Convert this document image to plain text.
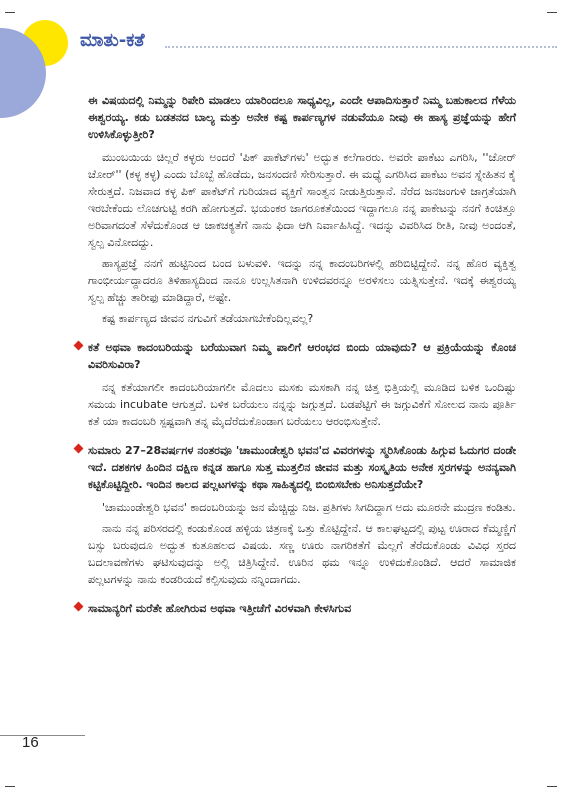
ಮಾತು-ಕತೆ
ಈ ವಿಷಯದಲ್ಲಿ ನಿಮ್ಮನ್ನು ರಿಪೇರಿ ಮಾಡಲು ಯಾರಿಂದಲೂ ಸಾಧ್ಯವಿಲ್ಲ, ಎಂದೇ ಆಪಾದಿಸುತ್ತಾರೆ ನಿಮ್ಮ ಬಹುಕಾಲದ ಗೆಳೆಯ ಈಶ್ವರಯ್ಯ. ಕಡು ಬಡತನದ ಬಾಲ್ಯ ಮತ್ತು ಅನೇಕ ಕಷ್ಟ ಕಾರ್ಪಣ್ಯಗಳ ನಡುವೆಯೂ ನೀವು ಈ ಹಾಸ್ಯ ಪ್ರಜ್ಞೆಯನ್ನು ಹೇಗೆ ಉಳಿಸಿಕೊಳ್ಳುತ್ತೀರಿ?

ಮುಂಬಯಿಯ ಚಿಲ್ಲರೆ ಕಳ್ಳರು ಅಂದರೆ 'ಪಿಕ್ ಪಾಕೆಟ್‌ಗಳು' ಅದ್ಭುತ ಕಲೆಗಾರರು. ಅವರೇ ಪಾಕೆಟು ಎಗರಿಸಿ, ''ಚೋರ್ ಚೋರ್'' (ಕಳ್ಳ ಕಳ್ಳ) ಎಂದು ಬೊಬ್ಬೆ ಹೊಡೆದು, ಜನಸಂದಣಿ ಸೇರಿಸುತ್ತಾರೆ. ಈ ಮಧ್ಯೆ ಎಗರಿಸಿದ ಪಾಕೆಟು ಅವನ ಸ್ನೇಹಿತನ ಕೈ ಸೇರುತ್ತದೆ. ನಿಜವಾದ ಕಳ್ಳ ಪಿಕ್ ಪಾಕೆಟ್‌ಗೆ ಗುರಿಯಾದ ವ್ಯಕ್ತಿಗೆ ಸಾಂತ್ವನ ನೀಡುತ್ತಿರುತ್ತಾನೆ. ನೆರೆದ ಜನಜಂಗುಳಿ ಜಾಗ್ರತೆಯಾಗಿ ಇರಬೇಕೆಂದು ಲೊಚಗುಟ್ಟಿ ಕರಗಿ ಹೋಗುತ್ತದೆ. ಭಯಂಕರ ಜಾಗರೂಕತೆಯಿಂದ ಇದ್ದಾಗಲೂ ನನ್ನ ಪಾಕೇಟನ್ನು ನನಗೆ ಕಿಂಚಿತ್ತೂ ಅರಿವಾಗದಂತೆ ಸೆಳೆದುಕೊಂಡ ಆ ಚಾಕಚಕ್ಯತೆಗೆ ನಾನು ಫಿದಾ ಆಗಿ ನಿರ್ವಾಹಿಸಿದ್ದೆ. ಇದನ್ನು ವಿವರಿಸಿದ ರೀತಿ, ನೀವು ಅಂದಂತೆ, ಸ್ವಲ್ಪ ವಿನೋದದ್ದು.

ಹಾಸ್ಯಪ್ರಜ್ಞೆ ನನಗೆ ಹುಟ್ಟಿನಿಂದ ಬಂದ ಬಳುವಳಿ. ಇದನ್ನು ನನ್ನ ಕಾದಂಬರಿಗಳಲ್ಲಿ ಹರಿಬಿಟ್ಟಿದ್ದೇನೆ. ನನ್ನ ಹೊರ ವ್ಯಕ್ತಿತ್ವ ಗಾಂಭೀರ್ಯದ್ದಾದರೂ ತಿಳಿಹಾಸ್ಯದಿಂದ ನಾನೂ ಉಲ್ಲಸಿತನಾಗಿ ಉಳಿದವರನ್ನೂ ಅರಳಿಸಲು ಯತ್ನಿಸುತ್ತೇನೆ. ಇದಕ್ಕೆ ಈಶ್ವರಯ್ಯ ಸ್ವಲ್ಪ ಹೆಚ್ಚು ತಾರೀಫು ಮಾಡಿದ್ದಾರೆ, ಅಷ್ಟೇ.

ಕಷ್ಟ ಕಾರ್ಪಣ್ಯದ ಜೀವನ ನಗುವಿಗೆ ತಡೆಯಾಗಬೇಕೆಂದಿಲ್ಲವಲ್ಲ?

ಕತೆ ಅಥವಾ ಕಾದಂಬರಿಯನ್ನು ಬರೆಯುವಾಗ ನಿಮ್ಮ ಪಾಲಿಗೆ ಆರಂಭದ ಬಿಂದು ಯಾವುದು? ಆ ಪ್ರಕ್ರಿಯೆಯನ್ನು ಕೊಂಚ ವಿವರಿಸುವಿರಾ?

ನನ್ನ ಕತೆಯಾಗಲೀ ಕಾದಂಬರಿಯಾಗಲೀ ಮೊದಲು ಮಸಕು ಮಸಕಾಗಿ ನನ್ನ ಚಿತ್ತ ಭಿತ್ತಿಯಲ್ಲಿ ಮೂಡಿದ ಬಳಿಕ ಒಂದಿಷ್ಟು ಸಮಯ incubate ಆಗುತ್ತದೆ. ಬಳಿಕ ಬರೆಯಲು ನನ್ನನ್ನು ಜಗ್ಗುತ್ತದೆ. ಬಡಪೆಟ್ಟಿಗೆ ಈ ಜಗ್ಗುವಿಕೆಗೆ ಸೋಲದ ನಾನು ಪೂರ್ತಿ ಕತೆ ಯಾ ಕಾದಂಬರಿ ಸ್ಪಷ್ಟವಾಗಿ ತನ್ನ ಮೈದೆರೆದುಕೊಂಡಾಗ ಬರೆಯಲು ಆರಂಭಿಸುತ್ತೇನೆ.

ಸುಮಾರು 27–28ವರ್ಷಗಳ ನಂತರವೂ 'ಚಾಮುಂಡೇಶ್ವರಿ ಭವನ'ದ ವಿವರಗಳನ್ನು ಸ್ಮರಿಸಿಕೊಂಡು ಹಿಗ್ಗುವ ಓದುಗರ ದಂಡೇ ಇದೆ. ದಶಕಗಳ ಹಿಂದಿನ ದಕ್ಷಿಣ ಕನ್ನಡ ಹಾಗೂ ಸುತ್ತ ಮುತ್ತಲಿನ ಜೀವನ ಮತ್ತು ಸಂಸ್ಕೃತಿಯ ಅನೇಕ ಸ್ತರಗಳನ್ನು ಅನನ್ಯವಾಗಿ ಕಟ್ಟಿಕೊಟ್ಟಿದ್ದೀರಿ. ಇಂದಿನ ಕಾಲದ ಪಲ್ಲಟಗಳನ್ನು ಕಥಾ ಸಾಹಿತ್ಯದಲ್ಲಿ ಬಿಂಬಿಸಬೇಕು ಅನಿಸುತ್ತದೆಯೇ?

'ಚಾಮುಂಡೇಶ್ವರಿ ಭವನ' ಕಾದಂಬರಿಯನ್ನು ಜನ ಮೆಚ್ಚಿದ್ದು ನಿಜ. ಪ್ರತಿಗಳು ಸಿಗದಿದ್ದಾಗ ಅದು ಮೂರನೇ ಮುದ್ರಣ ಕಂಡಿತು.

ನಾನು ನನ್ನ ಪರಿಸರದಲ್ಲಿ ಕಂಡುಕೊಂಡ ಹಳ್ಳಿಯ ಚಿತ್ರಣಕ್ಕೆ ಒತ್ತು ಕೊಟ್ಟಿದ್ದೇನೆ. ಆ ಕಾಲಘಟ್ಟದಲ್ಲಿ ಪುಟ್ಟ ಊರಾದ ಕೆಮ್ಮಣ್ಣಿಗೆ ಬಸ್ಸು ಬರುವುದೂ ಅದ್ಭುತ ಕುತೂಹಲದ ವಿಷಯ. ಸಣ್ಣ ಊರು ನಾಗರಿಕತೆಗೆ ಮೆಲ್ಲಗೆ ತೆರೆದುಕೊಂಡು ವಿವಿಧ ಸ್ತರದ ಬದಲಾವಣೆಗಳು ಘಟಿಸುವುದನ್ನು ಅಲ್ಲಿ ಚಿತ್ರಿಸಿದ್ದೇನೆ. ಊರಿನ ಥಮ ಇನ್ನೂ ಉಳಿದುಕೊಂಡಿದೆ. ಆದರೆ ಸಾಮಾಜಿಕ ಪಲ್ಲಟಗಳನ್ನು ನಾನು ಕಂಡರಿಯದೆ ಕಲ್ಪಿಸುವುದು ನನ್ನಿಂದಾಗದು.

ಸಾಮಾನ್ಯರಿಗೆ ಮರೆತೇ ಹೋಗಿರುವ ಅಥವಾ ಇತ್ತೀಚೆಗೆ ವಿರಳವಾಗಿ ಕೇಳಸಿಗುವ
16
